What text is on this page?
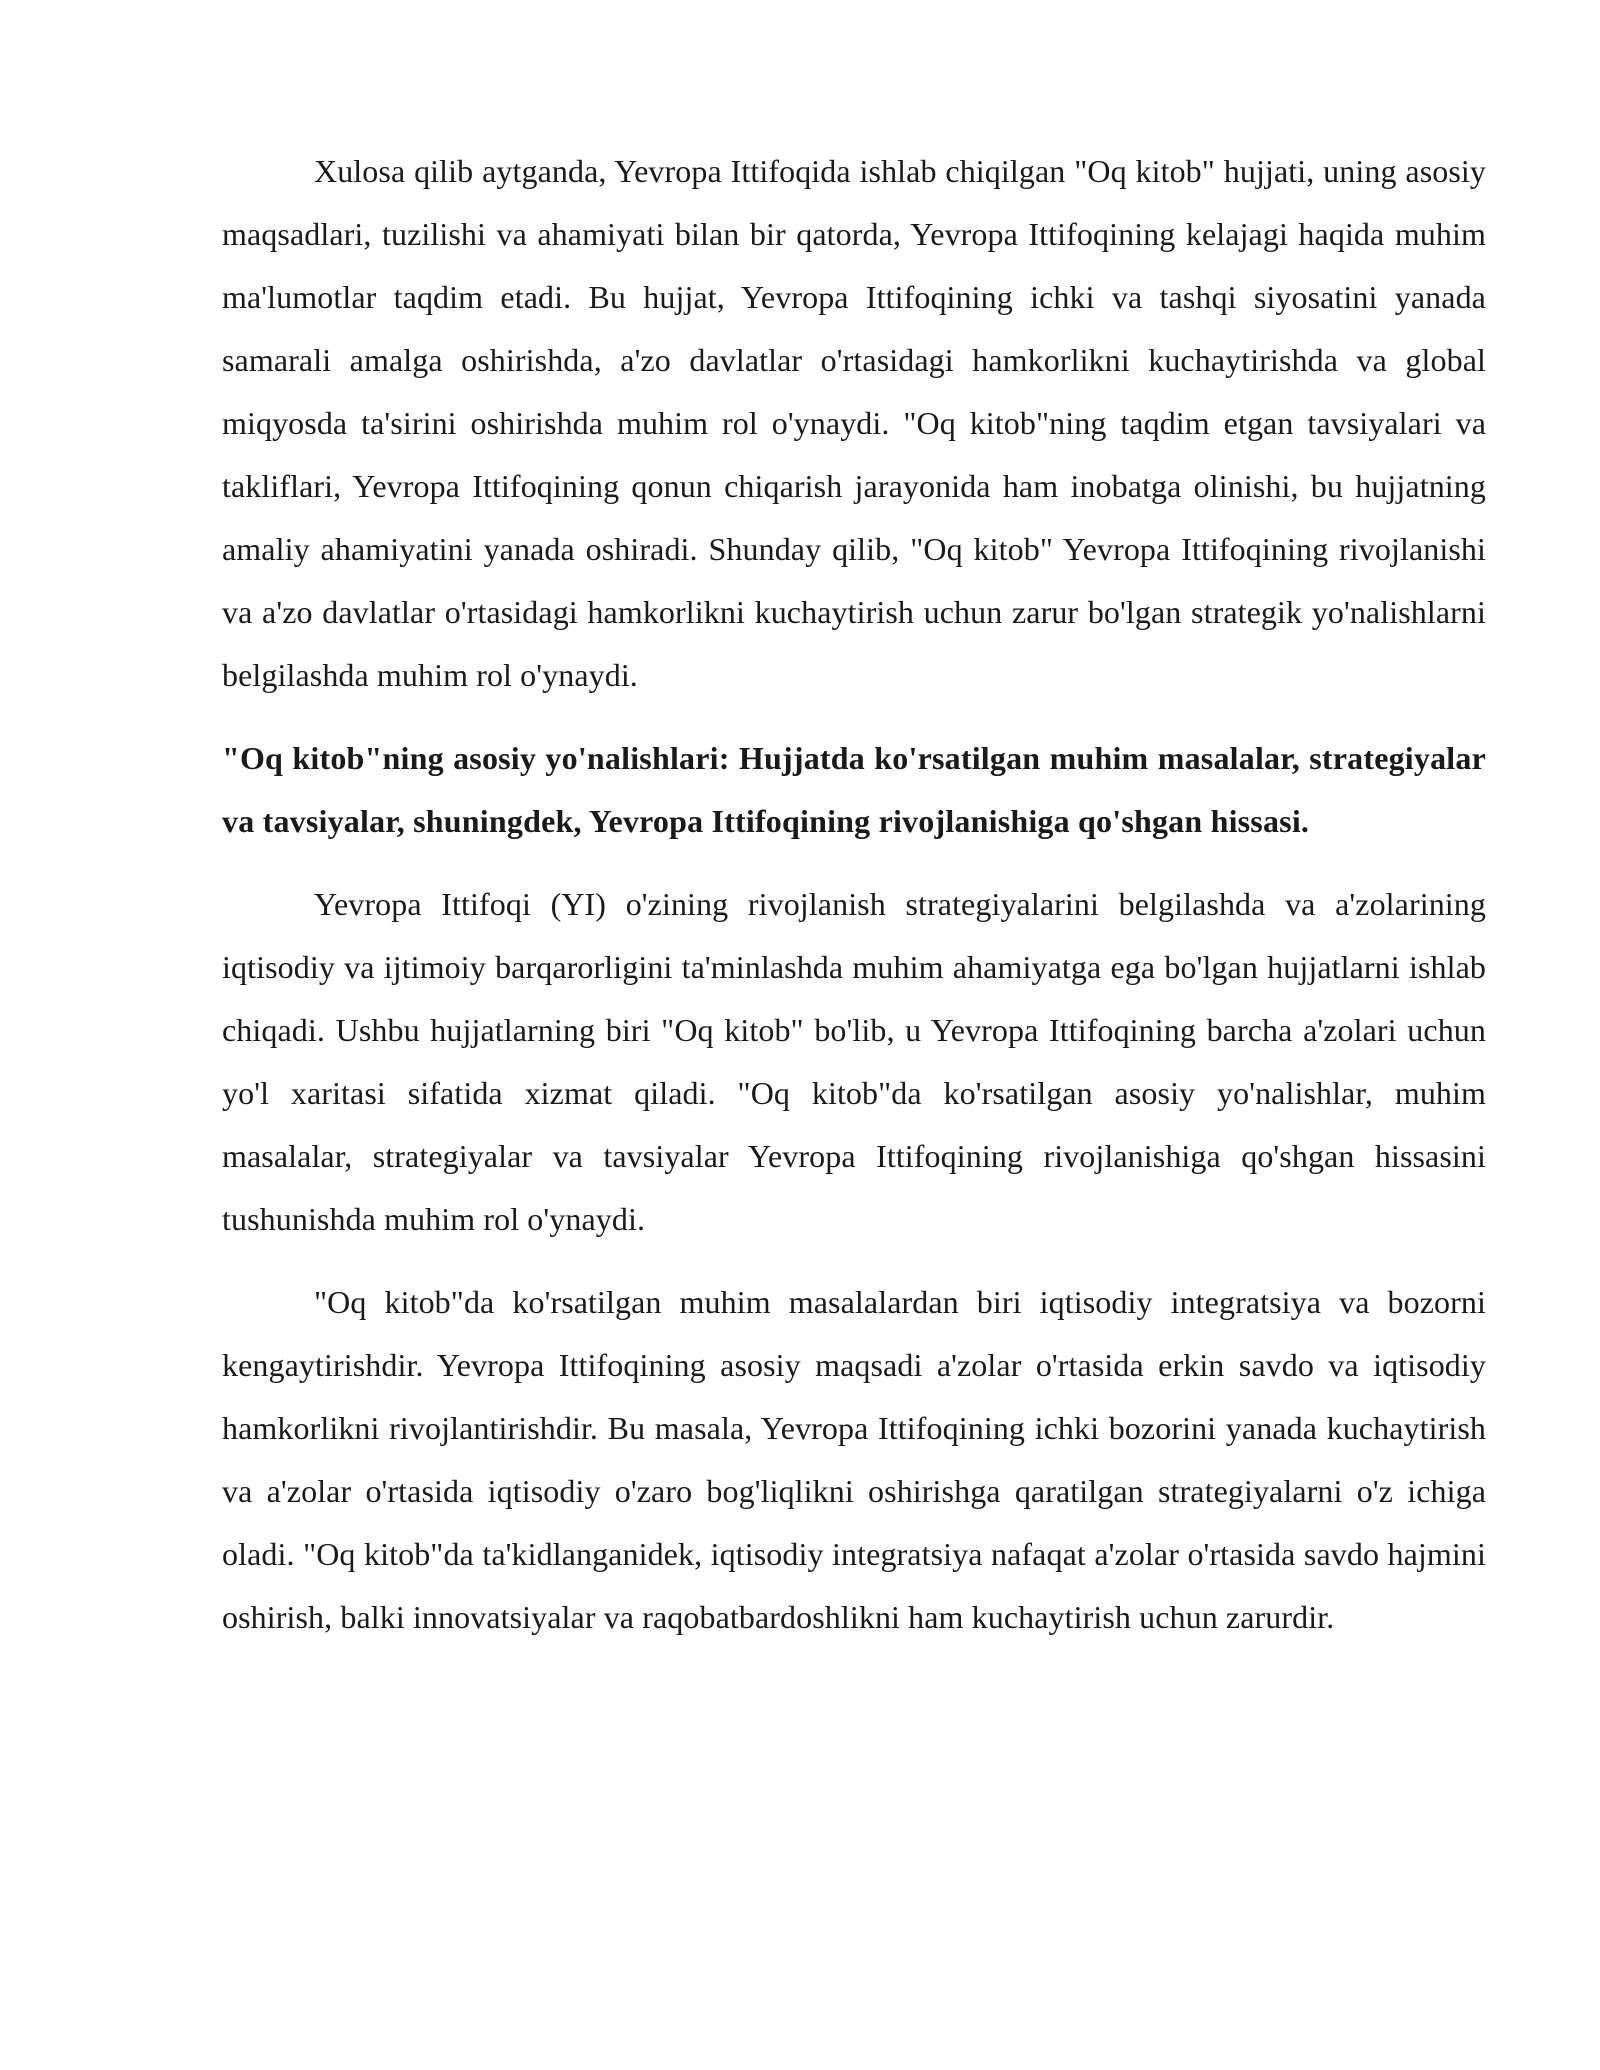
Xulosa qilib aytganda, Yevropa Ittifoqida ishlab chiqilgan "Oq kitob" hujjati, uning asosiy maqsadlari, tuzilishi va ahamiyati bilan bir qatorda, Yevropa Ittifoqining kelajagi haqida muhim ma'lumotlar taqdim etadi. Bu hujjat, Yevropa Ittifoqining ichki va tashqi siyosatini yanada samarali amalga oshirishda, a'zo davlatlar o'rtasidagi hamkorlikni kuchaytirishda va global miqyosda ta'sirini oshirishda muhim rol o'ynaydi. "Oq kitob"ning taqdim etgan tavsiyalari va takliflari, Yevropa Ittifoqining qonun chiqarish jarayonida ham inobatga olinishi, bu hujjatning amaliy ahamiyatini yanada oshiradi. Shunday qilib, "Oq kitob" Yevropa Ittifoqining rivojlanishi va a'zo davlatlar o'rtasidagi hamkorlikni kuchaytirish uchun zarur bo'lgan strategik yo'nalishlarni belgilashda muhim rol o'ynaydi.

"Oq kitob"ning asosiy yo'nalishlari: Hujjatda ko'rsatilgan muhim masalalar, strategiyalar va tavsiyalar, shuningdek, Yevropa Ittifoqining rivojlanishiga qo'shgan hissasi.

Yevropa Ittifoqi (YI) o'zining rivojlanish strategiyalarini belgilashda va a'zolarining iqtisodiy va ijtimoiy barqarorligini ta'minlashda muhim ahamiyatga ega bo'lgan hujjatlarni ishlab chiqadi. Ushbu hujjatlarning biri "Oq kitob" bo'lib, u Yevropa Ittifoqining barcha a'zolari uchun yo'l xaritasi sifatida xizmat qiladi. "Oq kitob"da ko'rsatilgan asosiy yo'nalishlar, muhim masalalar, strategiyalar va tavsiyalar Yevropa Ittifoqining rivojlanishiga qo'shgan hissasini tushunishda muhim rol o'ynaydi.

"Oq kitob"da ko'rsatilgan muhim masalalardan biri iqtisodiy integratsiya va bozorni kengaytirishdir. Yevropa Ittifoqining asosiy maqsadi a'zolar o'rtasida erkin savdo va iqtisodiy hamkorlikni rivojlantirishdir. Bu masala, Yevropa Ittifoqining ichki bozorini yanada kuchaytirish va a'zolar o'rtasida iqtisodiy o'zaro bog'liqlikni oshirishga qaratilgan strategiyalarni o'z ichiga oladi. "Oq kitob"da ta'kidlanganidek, iqtisodiy integratsiya nafaqat a'zolar o'rtasida savdo hajmini oshirish, balki innovatsiyalar va raqobatbardoshlikni ham kuchaytirish uchun zarurdir.
